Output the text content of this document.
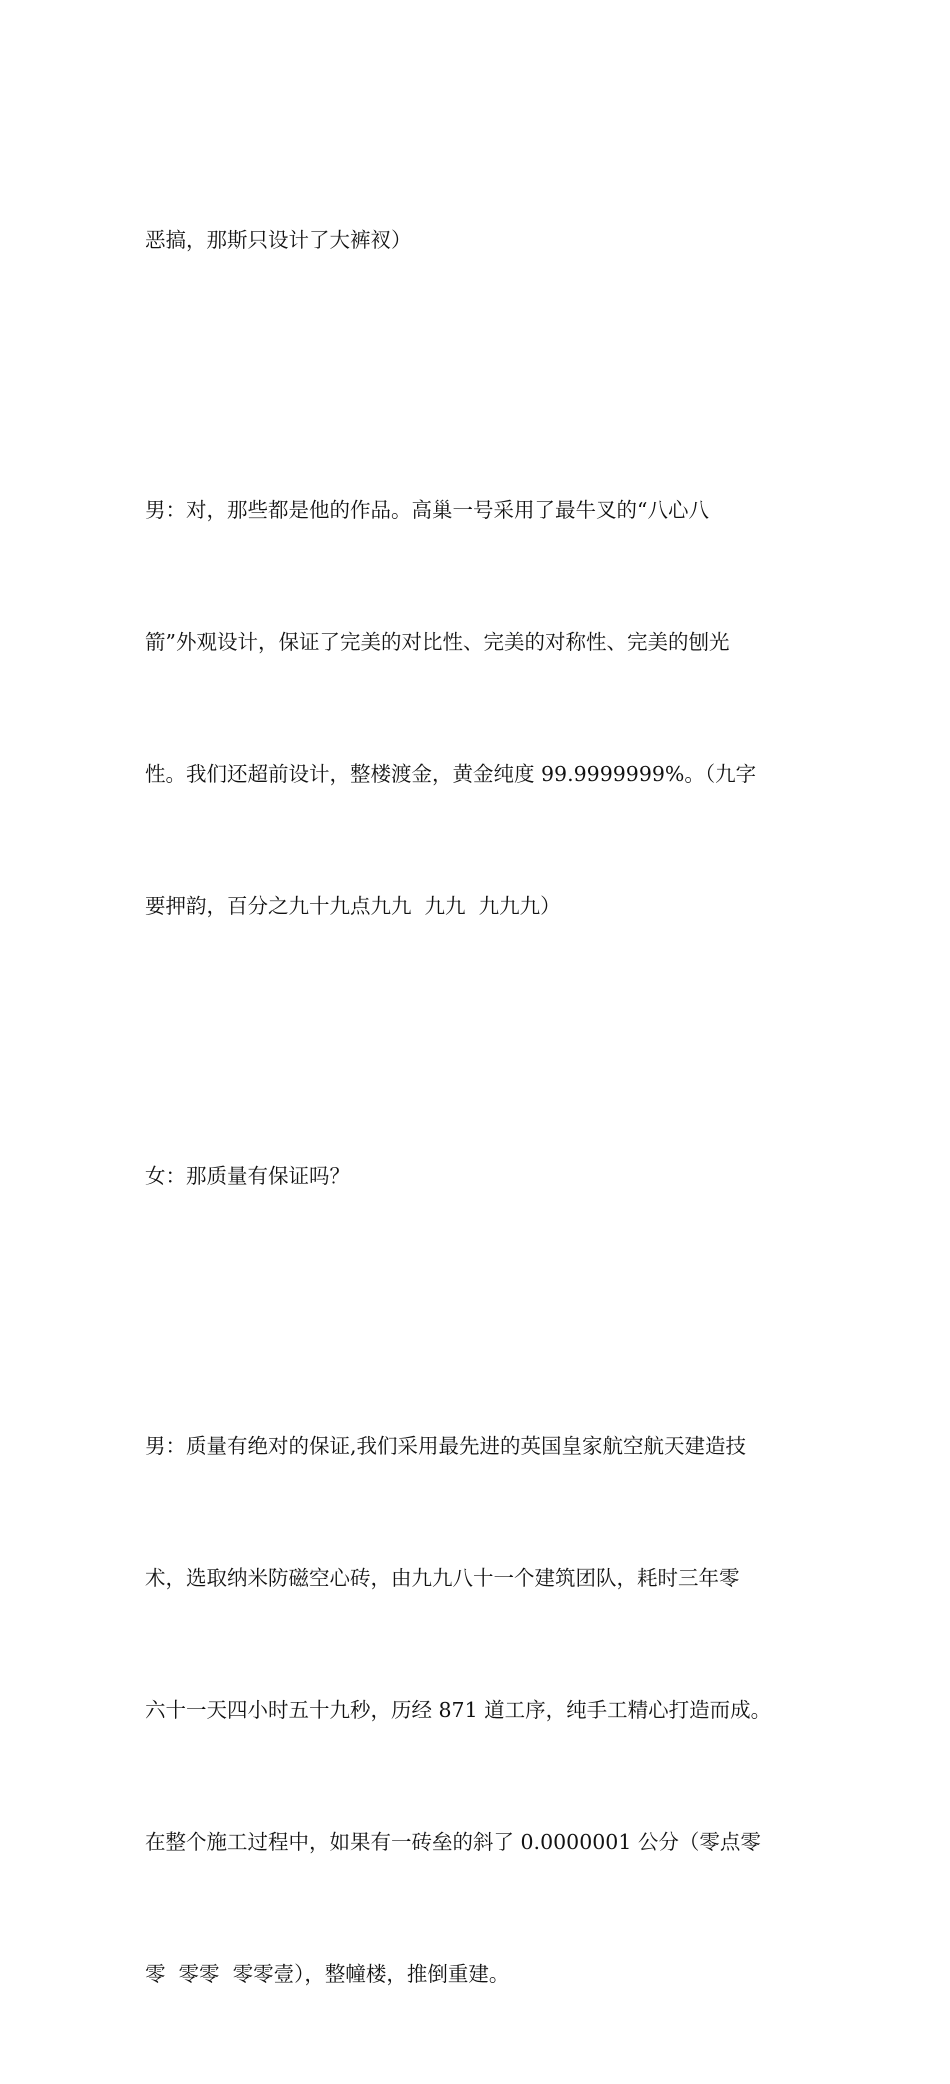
恶搞，那斯只设计了大裤衩）

男：对，那些都是他的作品。高巢一号采用了最牛叉的“八心八

箭”外观设计，保证了完美的对比性、完美的对称性、完美的刨光

性。我们还超前设计，整楼渡金，黄金纯度 99.9999999%。（九字

要押韵，百分之九十九点九九  九九  九九九）

女：那质量有保证吗？

男：质量有绝对的保证,我们采用最先进的英国皇家航空航天建造技

术，选取纳米防磁空心砖，由九九八十一个建筑团队，耗时三年零

六十一天四小时五十九秒，历经 871 道工序，纯手工精心打造而成。

在整个施工过程中，如果有一砖垒的斜了 0.0000001 公分（零点零

零  零零  零零壹），整幢楼，推倒重建。
